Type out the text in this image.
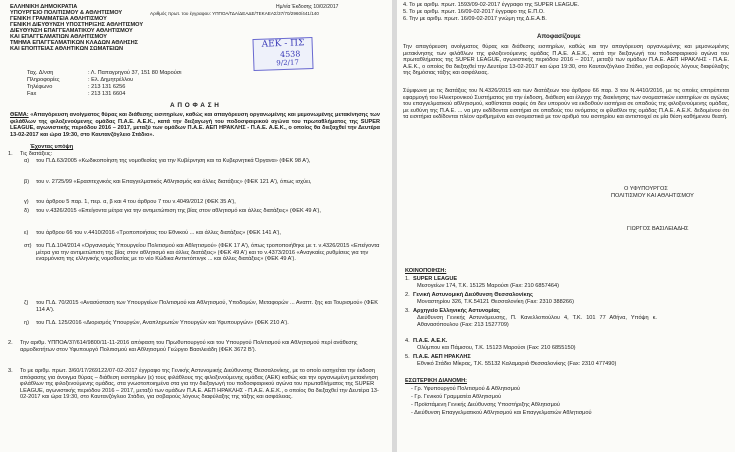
ΕΛΛΗΝΙΚΗ ΔΗΜΟΚΡΑΤΙΑ
ΥΠΟΥΡΓΕΙΟ ΠΟΛΙΤΙΣΜΟΥ & ΑΘΛΗΤΙΣΜΟΥ
ΓΕΝΙΚΗ ΓΡΑΜΜΑΤΕΙΑ ΑΘΛΗΤΙΣΜΟΥ
ΓΕΝΙΚΗ ΔΙΕΥΘΥΝΣΗ ΥΠΟΣΤΗΡΙΞΗΣ ΑΘΛΗΤΙΣΜΟΥ
ΔΙΕΥΘΥΝΣΗ ΕΠΑΓΓΕΛΜΑΤΙΚΟΥ ΑΘΛΗΤΙΣΜΟΥ
ΚΑΙ ΕΠΑΓΓΕΛΜΑΤΙΩΝ ΑΘΛΗΤΙΣΜΟΥ
ΤΜΗΜΑ ΕΠΑΓΓΕΛΜΑΤΙΚΩΝ ΚΛΑΔΩΝ ΑΘΛΗΣΗΣ
ΚΑΙ ΕΠΟΠΤΕΙΑΣ ΑΘΛΗΤΙΚΩΝ ΣΩΜΑΤΕΙΩΝ
Ημ/νία Έκδοσης 10/02/2017
Αριθμός πρωτ. του έγγραφου: ΥΠΠΟΑ/ΓΔΑ/ΔΕΑΔΕ/ΤΕΚΑΕΑΣ/37/70/2960/441/140
ΑΕΚ - ΠΣ
4538
9/2/17
Ταχ. Δ/νση	: Λ. Παπαγρηγού 37, 151 80 Μαρούσι
Πληροφορίες	: Ελ. Δημητρέλλου
Τηλέφωνο	: 213 131 6256
Fax	: 213 131 6604
Α Π Ο Φ Α Σ Η
ΘΕΜΑ: «Απαγόρευση ανοίγματος θύρας και διάθεσης εισιτηρίων, καθώς και απαγόρευση οργανωμένης και μεμονωμένης μετακίνησης των φιλάθλων της φιλοξενούμενης ομάδας Π.Α.Ε. Α.Ε.Κ., κατά την διεξαγωγή του ποδοσφαιρικού αγώνα του πρωταθλήματος της SUPER LEAGUE, αγωνιστικής περιόδου 2016 – 2017, μεταξύ των ομάδων Π.Α.Ε. ΑΕΠ ΗΡΑΚΛΗΣ - Π.Α.Ε. Α.Ε.Κ., ο οποίος θα διεξαχθεί την Δευτέρα 13-02-2017 και ώρα 19:30, στο Καυτανζόγλειο Στάδιο».
Έχοντας υπόψη
1. Τις διατάξεις:
α) του Π.Δ.63/2005 «Κωδικοποίηση της νομοθεσίας για την Κυβέρνηση και τα Κυβερνητικά Όργανα» (ΦΕΚ 98 Α'),
β) του ν. 2725/99 «Ερασιτεχνικός και Επαγγελματικός Αθλητισμός και άλλες διατάξεις» (ΦΕΚ 121 Α'), όπως ισχύει,
γ) του άρθρου 5 παρ. 1, περ. α, β και 4 του άρθρου 7 του ν.4049/2012 (ΦΕΚ 35 Α'),
δ) του ν.4326/2015 «Επείγοντα μέτρα για την αντιμετώπιση της βίας στον αθλητισμό και άλλες διατάξεις» (ΦΕΚ 49 Α'),
ε) του άρθρου 66 του ν.4410/2016 «Τροποποιήσεις του Εθνικού ... και άλλες διατάξεις» (ΦΕΚ 141 Α'),
στ) του Π.Δ.104/2014 «Οργανισμός Υπουργείου Πολιτισμού και Αθλητισμού» (ΦΕΚ 17 Α'), όπως τροποποιήθηκε με τ. ν.4326/2015 «Επείγοντα μέτρα για την αντιμετώπιση της βίας στον αθλητισμό και άλλες διατάξεις» (ΦΕΚ 49 Α') και το ν.4373/2016 «Αναγκαίες ρυθμίσεις για την εναρμόνιση της ελληνικής νομοθεσίας με το νέο Κώδικα Αντιντόπινγκ ... και άλλες διατάξεις» (ΦΕΚ 49 Α').
ζ) του Π.Δ. 70/2015 «Ανασύσταση των Υπουργείων Πολιτισμού και Αθλητισμού, Υποδομών, Μεταφορών ... Αναπτ. ξης και Τουρισμού» (ΦΕΚ 114 Α').
η) του Π.Δ. 125/2016 «Διορισμός Υπουργών, Αναπληρωτών Υπουργών και Υφυπουργών» (ΦΕΚ 210 Α').
2. Την αριθμ. ΥΠΠΟΑ/37/614/9800/11-11-2016 απόφαση του Πρωθυπουργού και του Υπουργού Πολιτισμού και Αθλητισμού περί ανάθεσης αρμοδιοτήτων στον Υφυπουργό Πολιτισμού και Αθλητισμού Γεώργιο Βασιλειάδη (ΦΕΚ 3672 Β').
3. Το με αριθμ. πρωτ. 3/60/17/269122/07-02-2017 έγγραφο της Γενικής Αστυνομικής Διεύθυνσης Θεσσαλονίκης, με το οποίο εισηγείται την έκδοση απόφασης για άνοιγμα θύρας – διάθεση εισιτηρίων (ε) τους φιλάθλους της φιλοξενούμενης ομάδας (ΑΕΚ) καθώς και την οργανωμένη μετακίνηση φιλάθλων της φιλοξενούμενης ομάδας, στα γνωστοποιημένα στα για την διεξαγωγή του ποδοσφαιρικού αγώνα του πρωταθλήματος της SUPER LEAGUE, αγωνιστικής περιόδου 2016 – 2017, μεταξύ των ομάδων Π.Α.Ε. ΑΕΠ ΗΡΑΚΛΗΣ - Π.Α.Ε. Α.Ε.Κ., ο οποίος θα διεξαχθεί την Δευτέρα 13-02-2017 και ώρα 19:30, στο Καυτανζόγλειο Στάδιο, για σοβαρούς λόγους διαφύλαξης της τάξης και ασφάλειας.
4. Το με αριθμ. πρωτ. 1593/09-02-2017 έγγραφο της SUPER LEAGUE.
5. Το με αριθμ. πρωτ. 16/09-02-2017 έγγραφο της Ε.Π.Ο.
6. Την με αριθμ. πρωτ. 16/09-02-2017 γνώμη της Δ.Ε.Α.Β.
Αποφασίζουμε
Την απαγόρευση ανοίγματος θύρας και διάθεσης εισιτηρίων, καθώς και την απαγόρευση οργανωμένης και μεμονωμένης μετακίνησης των φιλάθλων της φιλοξενούμενης ομάδας Π.Α.Ε. Α.Ε.Κ., κατά την διεξαγωγή του ποδοσφαιρικού αγώνα του πρωταθλήματος της SUPER LEAGUE, αγωνιστικής περιόδου 2016 – 2017, μεταξύ των ομάδων Π.Α.Ε. ΑΕΠ ΗΡΑΚΛΗΣ - Π.Α.Ε. Α.Ε.Κ., ο οποίος θα διεξαχθεί την Δευτέρα 13-02-2017 και ώρα 19:30, στο Καυτανζόγλειο Στάδιο, για σοβαρούς λόγους διαφύλαξης της δημόσιας τάξης και ασφάλειας.
Σύμφωνα με τις διατάξεις του Ν.4326/2015 και των διατάξεων του άρθρου 66 παρ. 3 του Ν.4410/2016, με τις οποίες επιτρέπεται εφαρμογή του Ηλεκτρονικού Συστήματος για την έκδοση, διάθεση και έλεγχο της διακίνησης των ονομαστικών εισιτηρίων σε αγώνες του επαγγελματικού αθλητισμού, καθίσταται σαφές ότι δεν υπορούν να εκδοθούν εισιτήρια σε οπαδούς της φιλοξενούμενης ομάδας, με ευθύνη της Π.Α.Ε. ... να μην εκδίδονται εισιτήρια σε οπαδούς του ονόματος οι φίλαθλοι της ομάδας Π.Α.Ε. Α.Ε.Κ. δεδομένου ότι τα εισιτήρια εκδίδονται πλέον αριθμημένα και ονομαστικά με τον αριθμό του εισιτηρίου και αντιστοιχεί σε μία θέση καθήμενου θεατή.
Ο ΥΦΥΠΟΥΡΓΟΣ
ΠΟΛΙΤΙΣΜΟΥ ΚΑΙ ΑΘΛΗΤΙΣΜΟΥ
ΓΙΩΡΓΟΣ ΒΑΣΙΛΕΙΑΔΗΣ
ΚΟΙΝΟΠΟΙΗΣΗ:
1. SUPER LEAGUE
Μεσογείων 174, Τ.Κ. 15125 Μαρούσι (Fax: 210 6857464)
2. Γενική Αστυνομική Διεύθυνση Θεσσαλονίκης
Μοναστηρίου 326, Τ.Κ.54121 Θεσσαλονίκη (Fax: 2310 388266)
3. Αρχηγείο Ελληνικής Αστυνομίας
Διεύθυνση Γενικής Αστυνόμευσης, Π. Κανελλοπούλου 4, Τ.Κ. 101 77 Αθήνα, Υπόψη κ. Αθανασόπουλου (Fax: 213 1527709)
4. Π.Α.Ε. Α.Ε.Κ.
Ολύμπου και Πάμισου, Τ.Κ. 15123 Μαρούσι (Fax: 210 6855150)
5. Π.Α.Ε. ΑΕΠ ΗΡΑΚΛΗΣ
Εθνικό Στάδιο Μίκρας, Τ.Κ. 55132 Καλαμαριά Θεσσαλονίκης (Fax: 2310 477490)
ΕΣΩΤΕΡΙΚΗ ΔΙΑΝΟΜΗ:
- Γρ. Υφυπουργού Πολιτισμού & Αθλητισμού
- Γρ. Γενικού Γραμματέα Αθλητισμού
- Προϊστάμενη Γενικής Διεύθυνσης Υποστήριξης Αθλητισμού
- Διεύθυνση Επαγγελματικού Αθλητισμού και Επαγγελματιών Αθλητισμού
